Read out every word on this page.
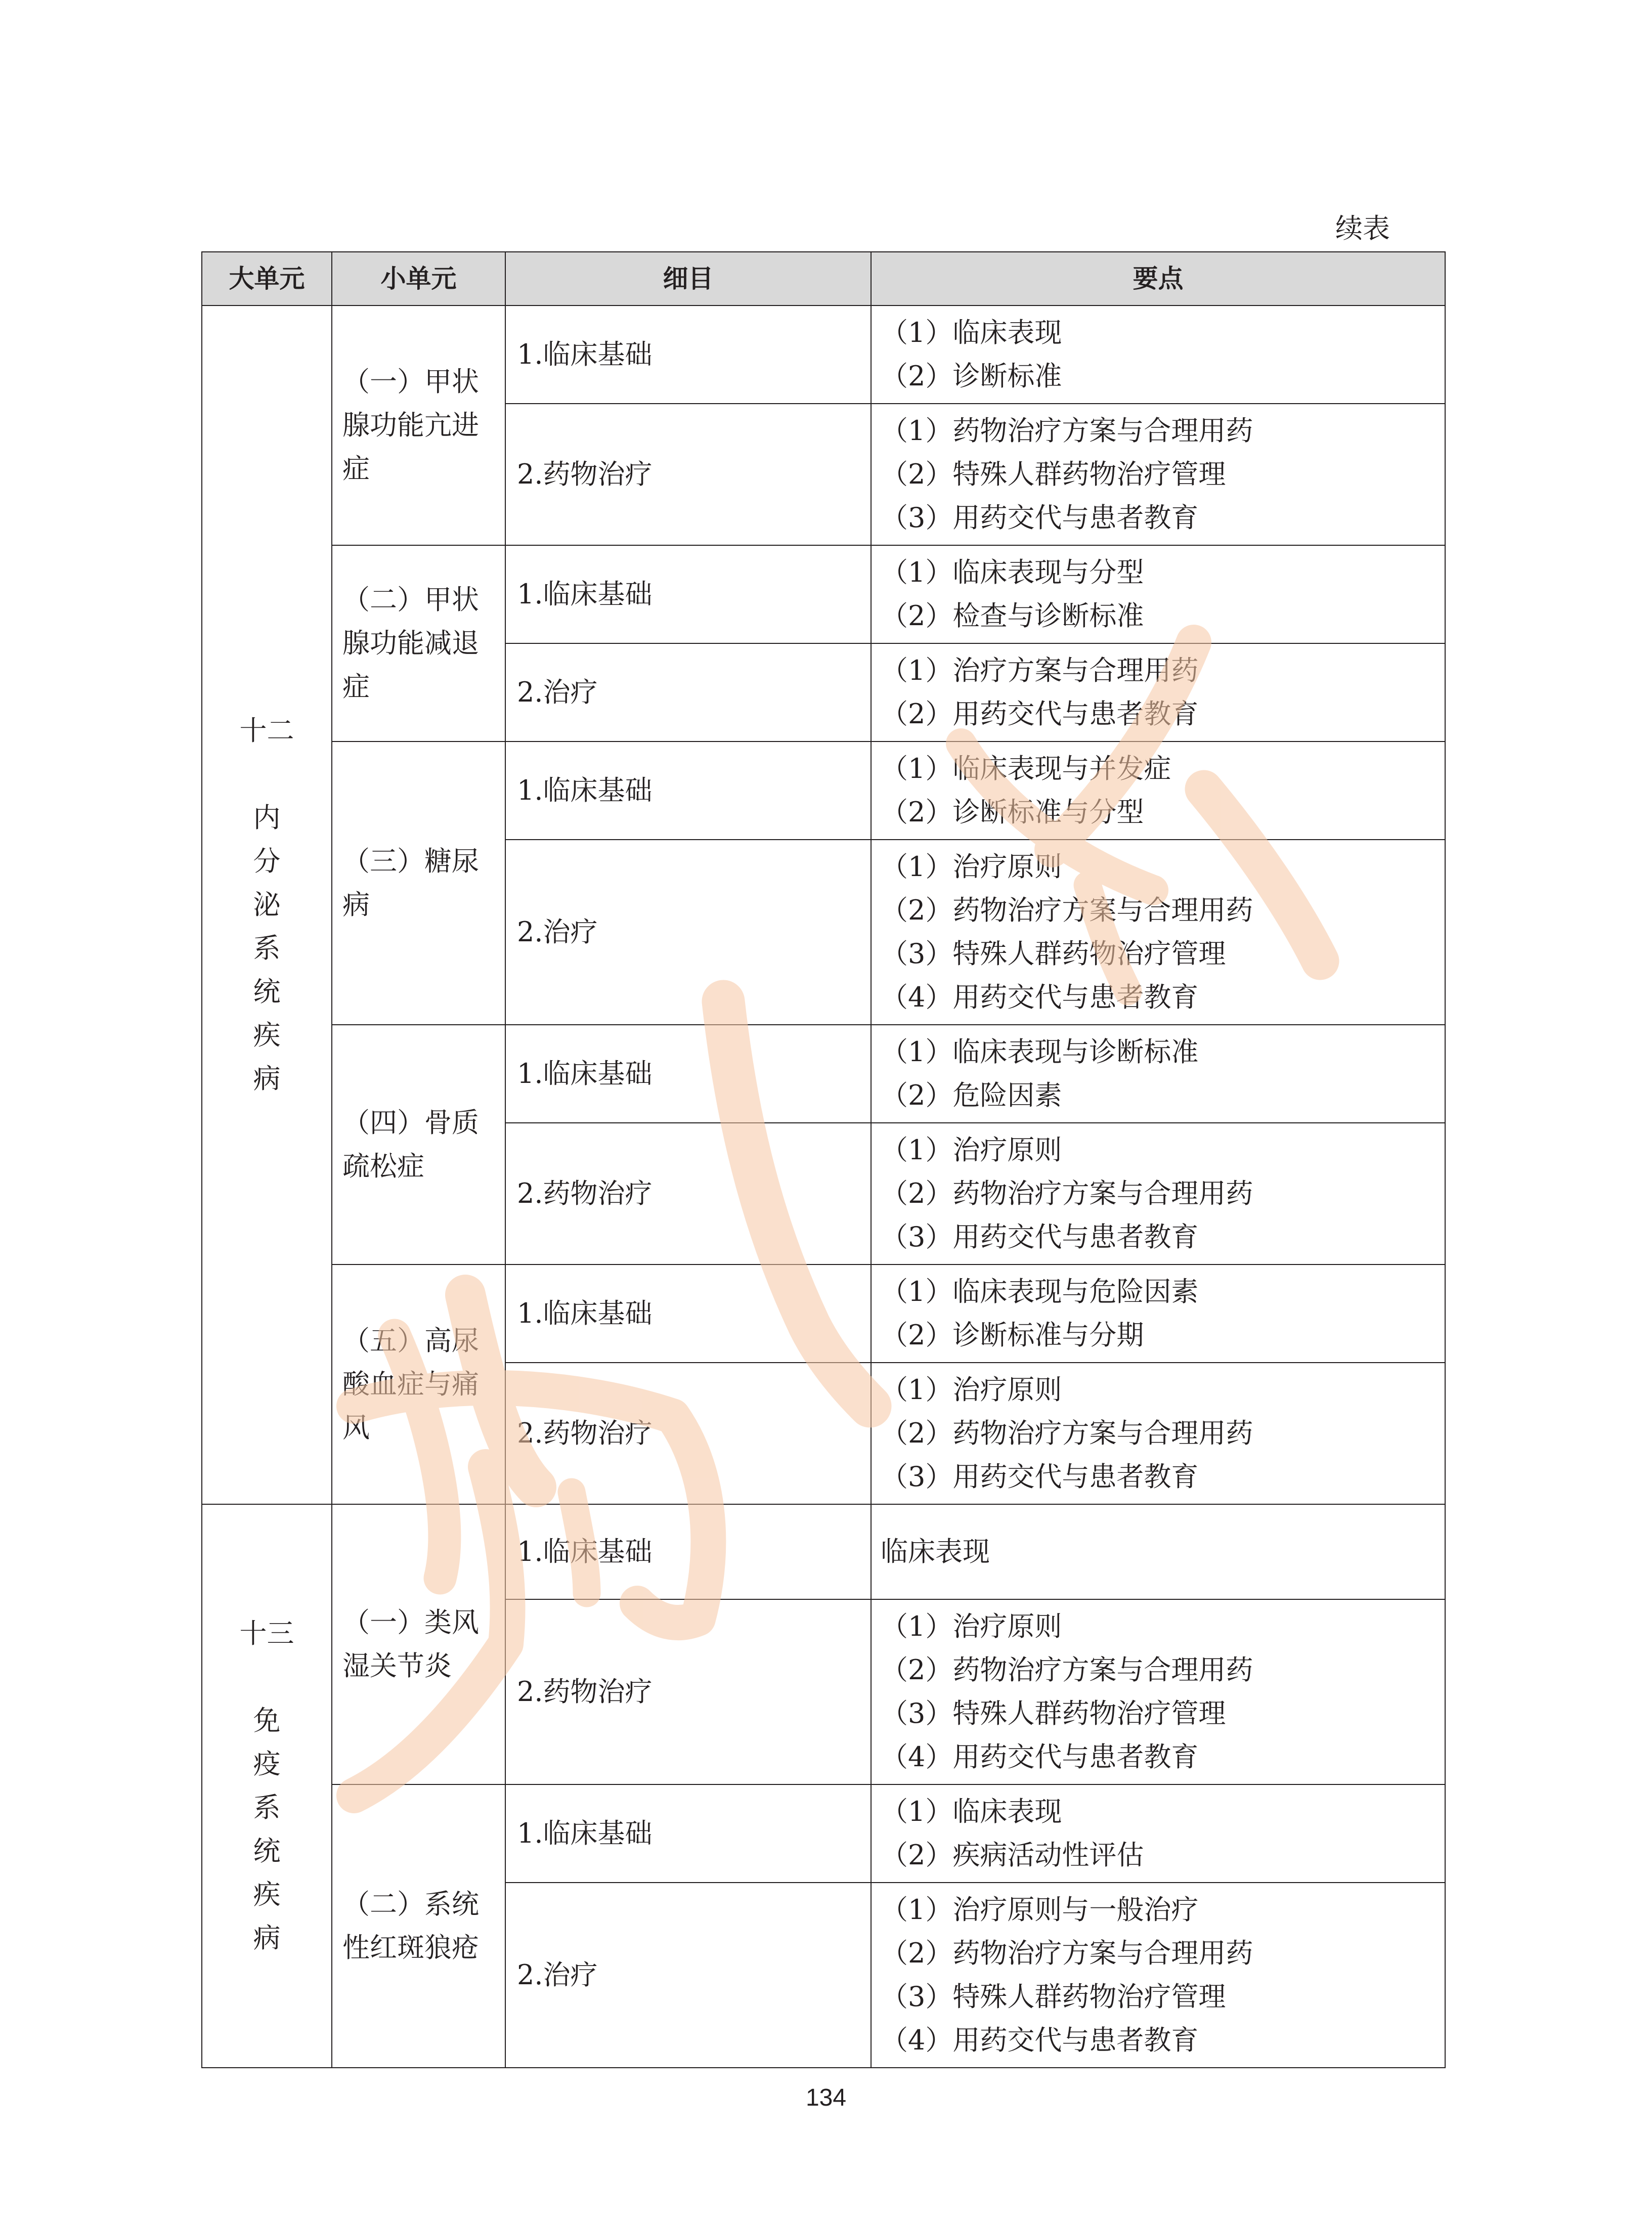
续表
大单元	小单元	细目	要点

十二
内分泌系统疾病	（一）甲状腺功能亢进症	1.临床基础	（1）临床表现
（2）诊断标准

		2.药物治疗	（1）药物治疗方案与合理用药
（2）特殊人群药物治疗管理
（3）用药交代与患者教育

	（二）甲状腺功能减退症	1.临床基础	（1）临床表现与分型
（2）检查与诊断标准

		2.治疗	（1）治疗方案与合理用药
（2）用药交代与患者教育

	（三）糖尿病	1.临床基础	（1）临床表现与并发症
（2）诊断标准与分型

		2.治疗	（1）治疗原则
（2）药物治疗方案与合理用药
（3）特殊人群药物治疗管理
（4）用药交代与患者教育

	（四）骨质疏松症	1.临床基础	（1）临床表现与诊断标准
（2）危险因素

		2.药物治疗	（1）治疗原则
（2）药物治疗方案与合理用药
（3）用药交代与患者教育

	（五）高尿酸血症与痛风	1.临床基础	（1）临床表现与危险因素
（2）诊断标准与分期

		2.药物治疗	（1）治疗原则
（2）药物治疗方案与合理用药
（3）用药交代与患者教育

十三
免疫系统疾病	（一）类风湿关节炎	1.临床基础	临床表现

		2.药物治疗	（1）治疗原则
（2）药物治疗方案与合理用药
（3）特殊人群药物治疗管理
（4）用药交代与患者教育

	（二）系统性红斑狼疮	1.临床基础	（1）临床表现
（2）疾病活动性评估

		2.治疗	（1）治疗原则与一般治疗
（2）药物治疗方案与合理用药
（3）特殊人群药物治疗管理
（4）用药交代与患者教育
134
